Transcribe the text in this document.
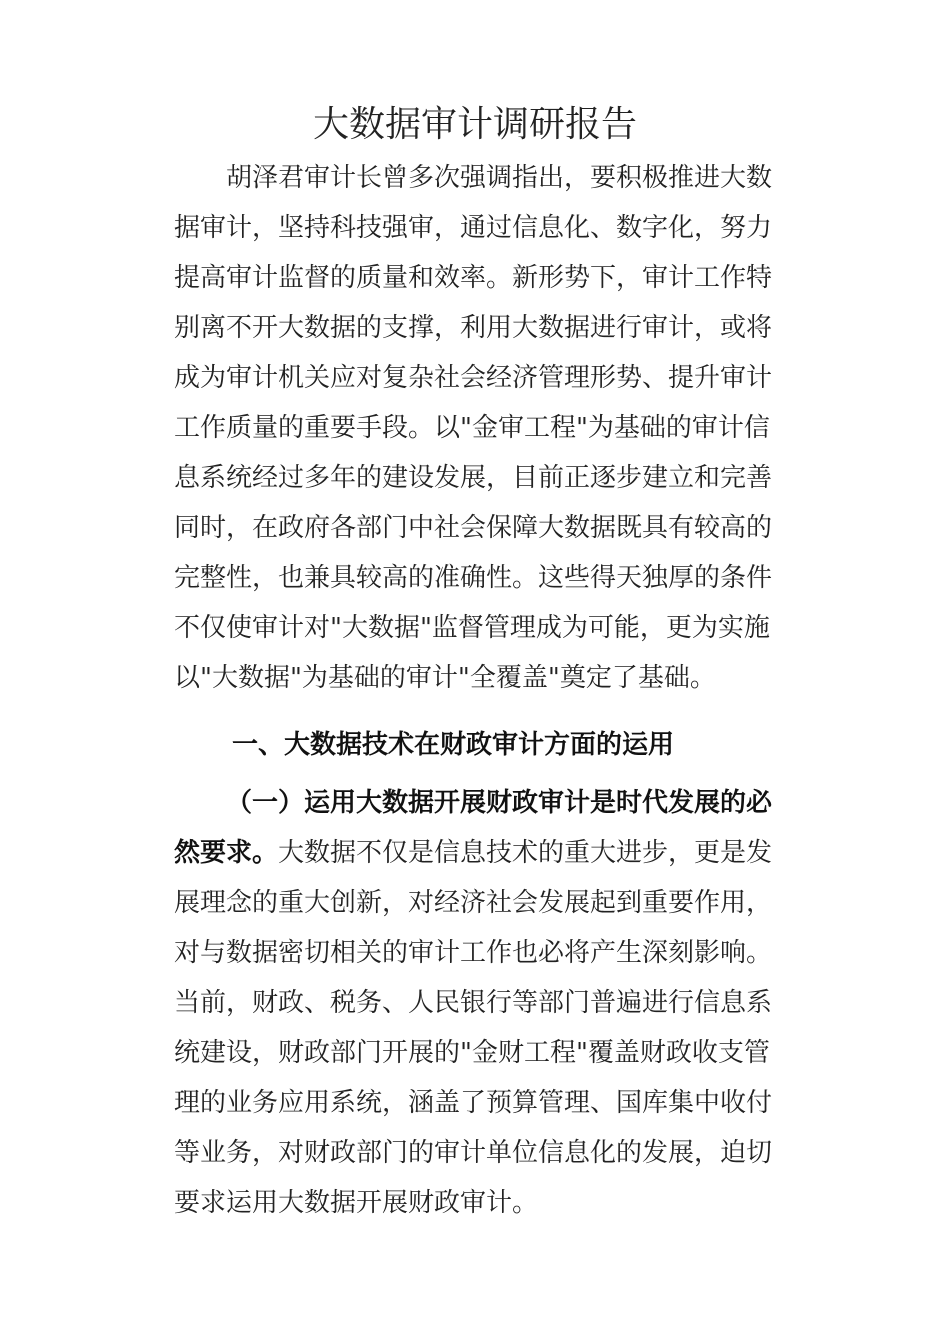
大数据审计调研报告
胡泽君审计长曾多次强调指出，要积极推进大数
据审计，坚持科技强审，通过信息化、数字化，努力
提高审计监督的质量和效率。新形势下，审计工作特
别离不开大数据的支撑，利用大数据进行审计，或将
成为审计机关应对复杂社会经济管理形势、提升审计
工作质量的重要手段。以"金审工程"为基础的审计信
息系统经过多年的建设发展，目前正逐步建立和完善
同时，在政府各部门中社会保障大数据既具有较高的
完整性，也兼具较高的准确性。这些得天独厚的条件
不仅使审计对"大数据"监督管理成为可能，更为实施
以"大数据"为基础的审计"全覆盖"奠定了基础。
一、大数据技术在财政审计方面的运用
（一）运用大数据开展财政审计是时代发展的必
然要求。大数据不仅是信息技术的重大进步，更是发
展理念的重大创新，对经济社会发展起到重要作用，
对与数据密切相关的审计工作也必将产生深刻影响。
当前，财政、税务、人民银行等部门普遍进行信息系
统建设，财政部门开展的"金财工程"覆盖财政收支管
理的业务应用系统，涵盖了预算管理、国库集中收付
等业务，对财政部门的审计单位信息化的发展，迫切
要求运用大数据开展财政审计。
